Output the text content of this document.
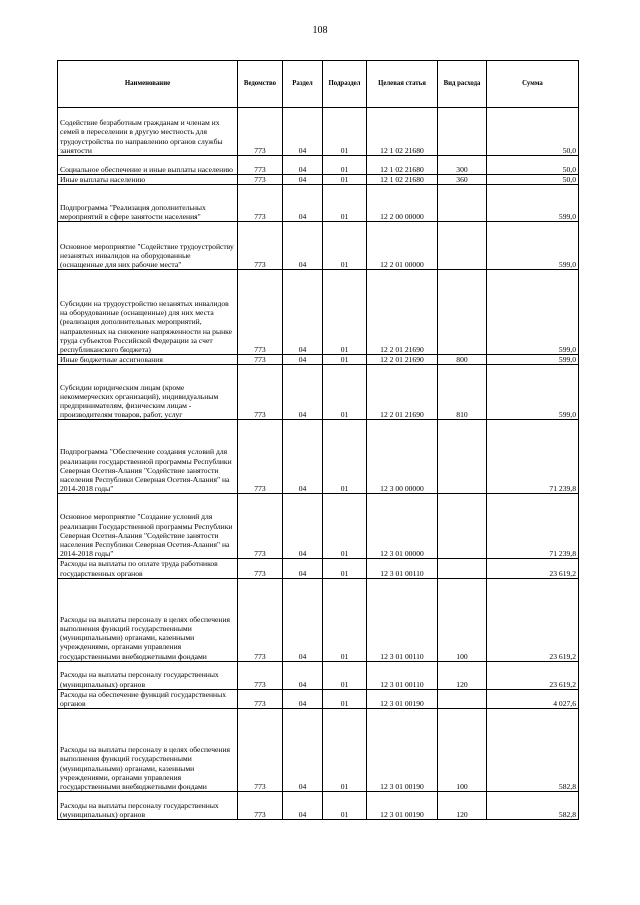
108
Наименование	Ведомство	Раздел	Подраздел	Целевая статья	Вид расхода	Сумма
Содействие безработным гражданам и членам их семей в переселении в другую местность для трудоустройства по направлению органов службы занятости	773	04	01	12 1 02 21680		50,0
Социальное обеспечение и иные выплаты населению	773	04	01	12 1 02 21680	300	50,0
Иные выплаты населению	773	04	01	12 1 02 21680	360	50,0
Подпрограмма "Реализация дополнительных мероприятий в сфере занятости населения"	773	04	01	12 2 00 00000		599,0
Основное мероприятие "Содействие трудоустройству незанятых инвалидов на оборудованные (оснащенные для них рабочие места"	773	04	01	12 2 01 00000		599,0
Субсидии на трудоустройство незанятых инвалидов на оборудованные (оснащенные) для них места (реализация дополнительных мероприятий, направленных на снижение напряженности на рынке труда субъектов Российской Федерации за счет республиканского бюджета)	773	04	01	12 2 01 21690		599,0
Иные бюджетные ассигнования	773	04	01	12 2 01 21690	800	599,0
Субсидии юридическим лицам (кроме некоммерческих организаций), индивидуальным предпринимателям, физическим лицам - производителям товаров, работ, услуг	773	04	01	12 2 01 21690	810	599,0
Подпрограмма "Обеспечение создания условий для реализации государственной программы Республики Северная Осетия-Алания "Содействие занятости населения Республики Северная Осетия-Алания" на 2014-2018 годы"	773	04	01	12 3 00 00000		71 239,8
Основное мероприятие "Создание условий для реализации Государственной программы Республики Северная Осетия-Алания "Содействие занятости населения Республики Северная Осетия-Алания" на 2014-2018 годы"	773	04	01	12 3 01 00000		71 239,8
Расходы на выплаты по оплате труда работников государственных органов	773	04	01	12 3 01 00110		23 619,2
Расходы на выплаты персоналу в целях обеспечения выполнения функций государственными (муниципальными) органами, казенными учреждениями, органами управления государственными внебюджетными фондами	773	04	01	12 3 01 00110	100	23 619,2
Расходы на выплаты персоналу государственных (муниципальных) органов	773	04	01	12 3 01 00110	120	23 619,2
Расходы на обеспечение функций государственных органов	773	04	01	12 3 01 00190		4 027,6
Расходы на выплаты персоналу в целях обеспечения выполнения функций государственными (муниципальными) органами, казенными учреждениями, органами управления государственными внебюджетными фондами	773	04	01	12 3 01 00190	100	582,8
Расходы на выплаты персоналу государственных (муниципальных) органов	773	04	01	12 3 01 00190	120	582,8
